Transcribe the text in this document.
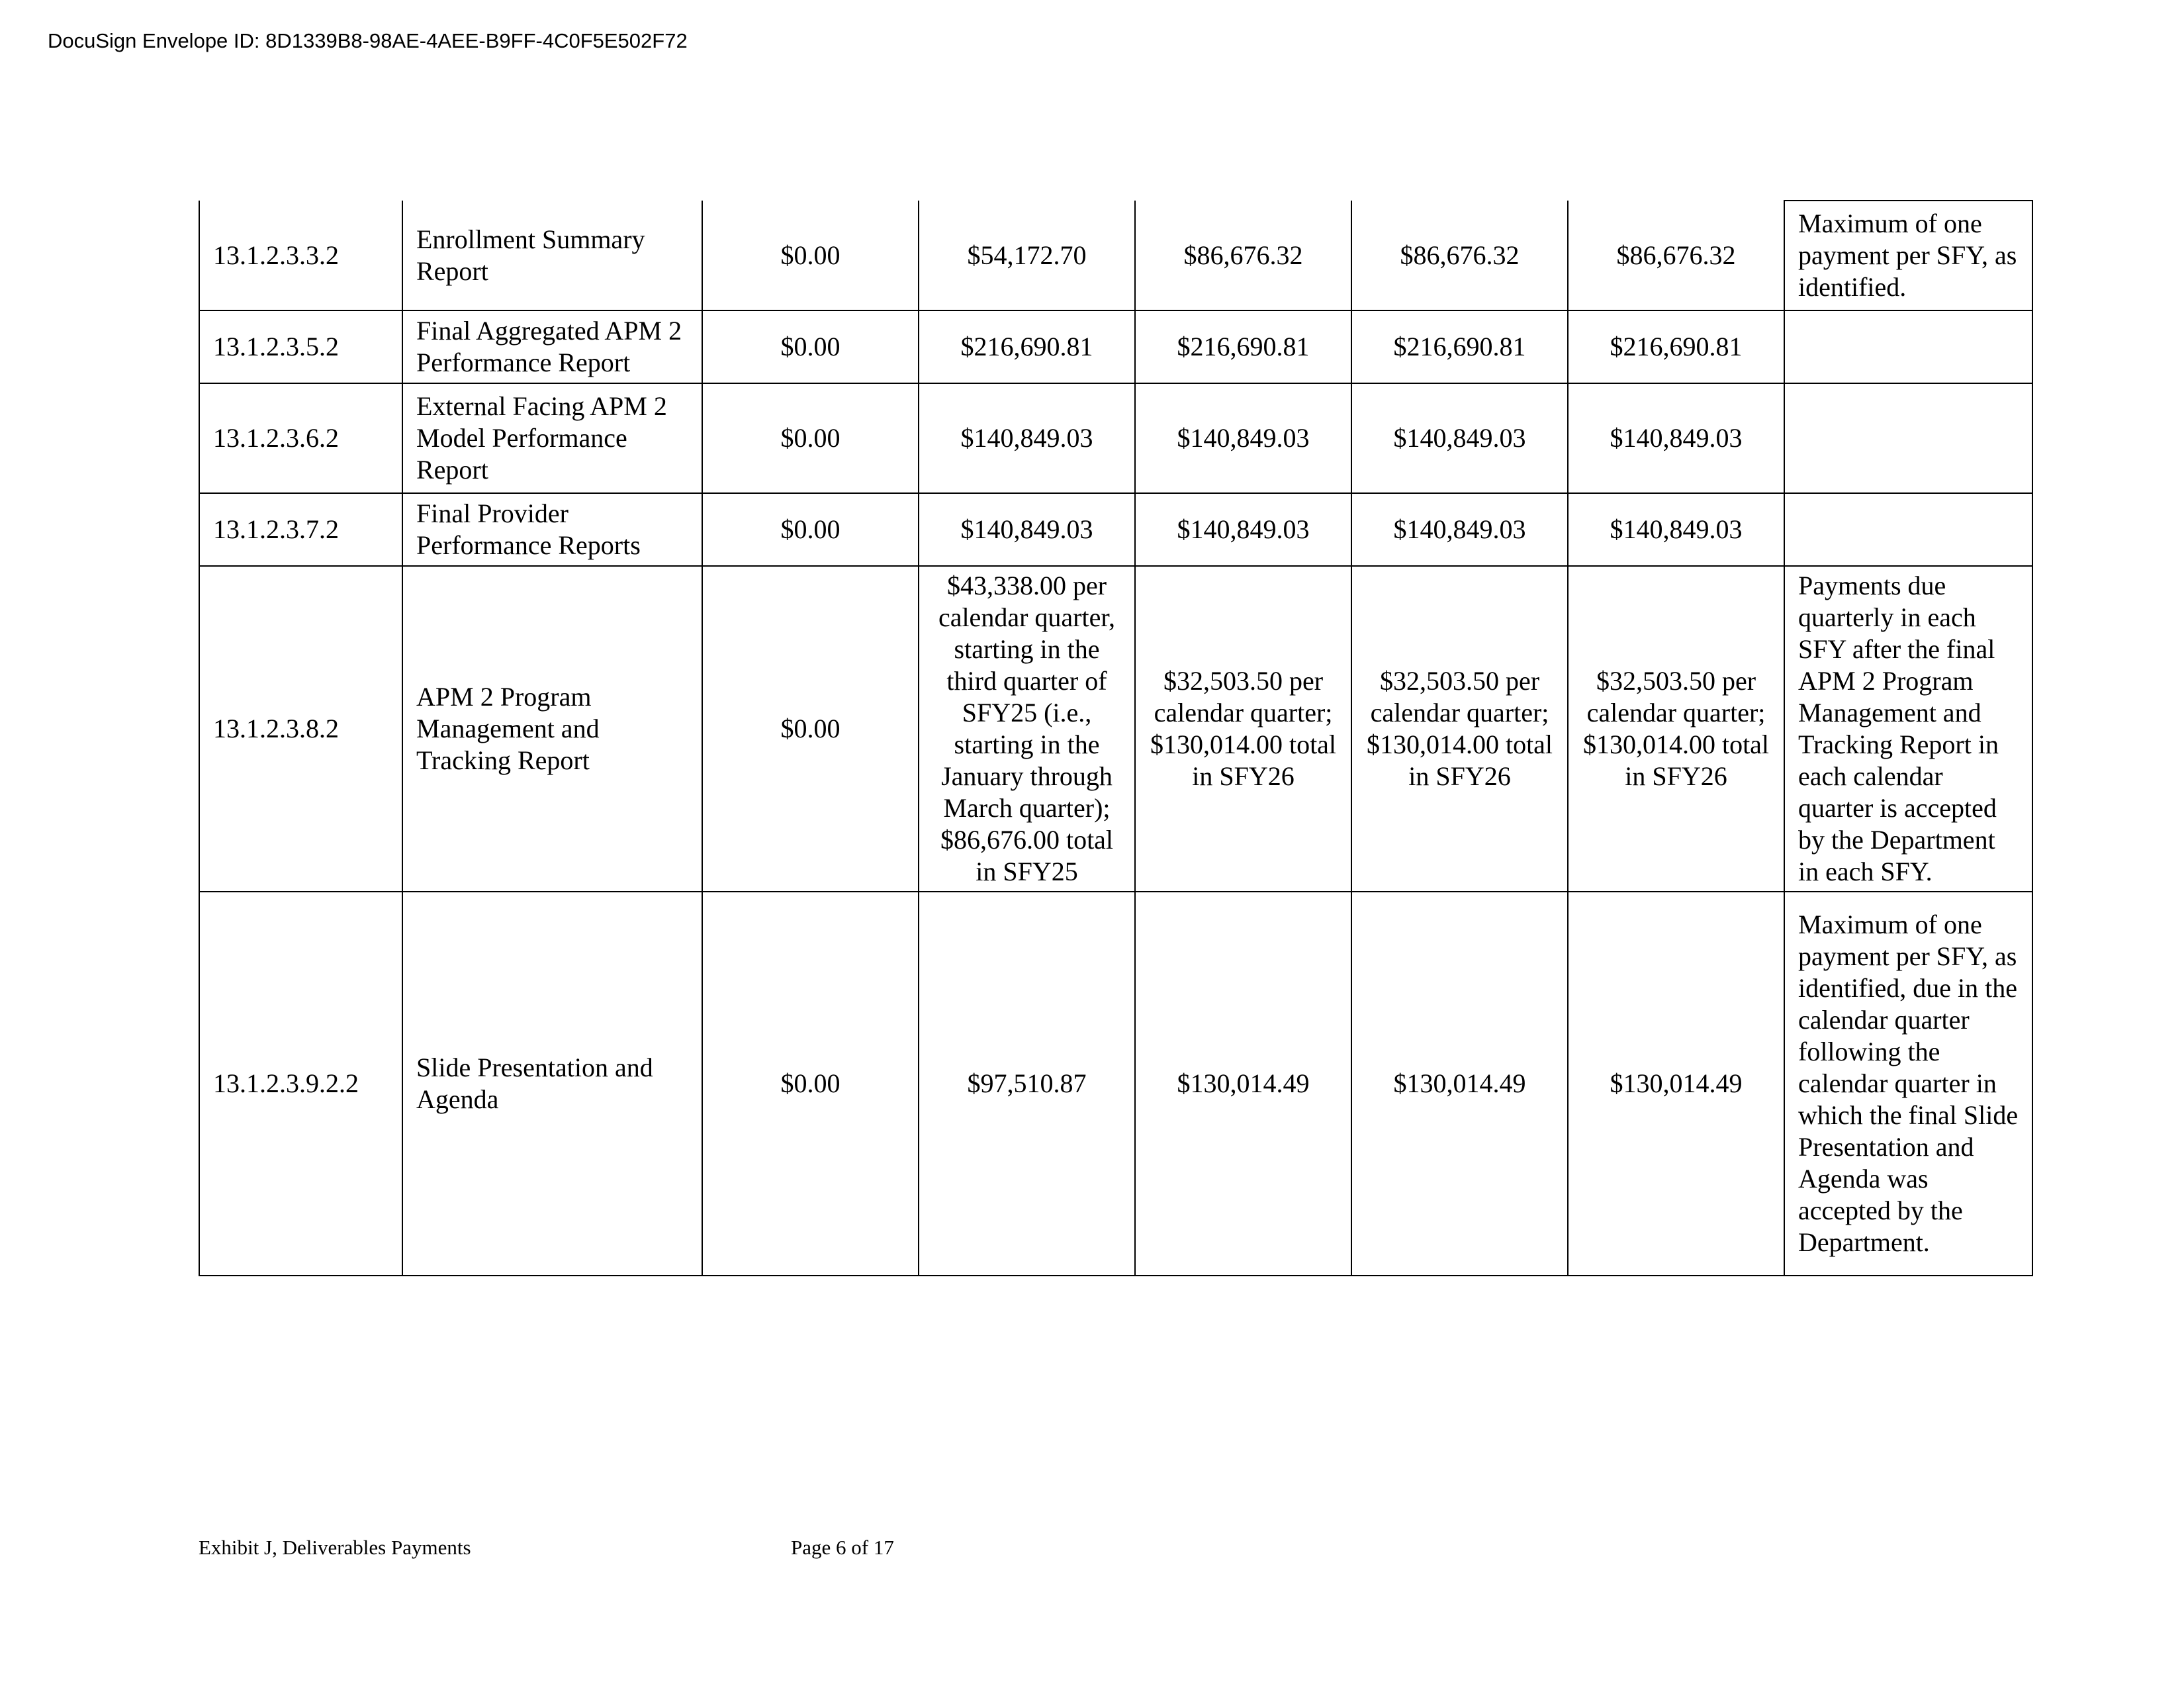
DocuSign Envelope ID: 8D1339B8-98AE-4AEE-B9FF-4C0F5E502F72
13.1.2.3.3.2	Enrollment Summary Report	$0.00	$54,172.70	$86,676.32	$86,676.32	$86,676.32	Maximum of one payment per SFY, as identified.
13.1.2.3.5.2	Final Aggregated APM 2 Performance Report	$0.00	$216,690.81	$216,690.81	$216,690.81	$216,690.81	
13.1.2.3.6.2	External Facing APM 2 Model Performance Report	$0.00	$140,849.03	$140,849.03	$140,849.03	$140,849.03	
13.1.2.3.7.2	Final Provider Performance Reports	$0.00	$140,849.03	$140,849.03	$140,849.03	$140,849.03	
13.1.2.3.8.2	APM 2 Program Management and Tracking Report	$0.00	$43,338.00 per calendar quarter, starting in the third quarter of SFY25 (i.e., starting in the January through March quarter); $86,676.00 total in SFY25	$32,503.50 per calendar quarter; $130,014.00 total in SFY26	$32,503.50 per calendar quarter; $130,014.00 total in SFY26	$32,503.50 per calendar quarter; $130,014.00 total in SFY26	Payments due quarterly in each SFY after the final APM 2 Program Management and Tracking Report in each calendar quarter is accepted by the Department in each SFY.
13.1.2.3.9.2.2	Slide Presentation and Agenda	$0.00	$97,510.87	$130,014.49	$130,014.49	$130,014.49	Maximum of one payment per SFY, as identified, due in the calendar quarter following the calendar quarter in which the final Slide Presentation and Agenda was accepted by the Department.
Exhibit J, Deliverables Payments	Page 6 of 17
